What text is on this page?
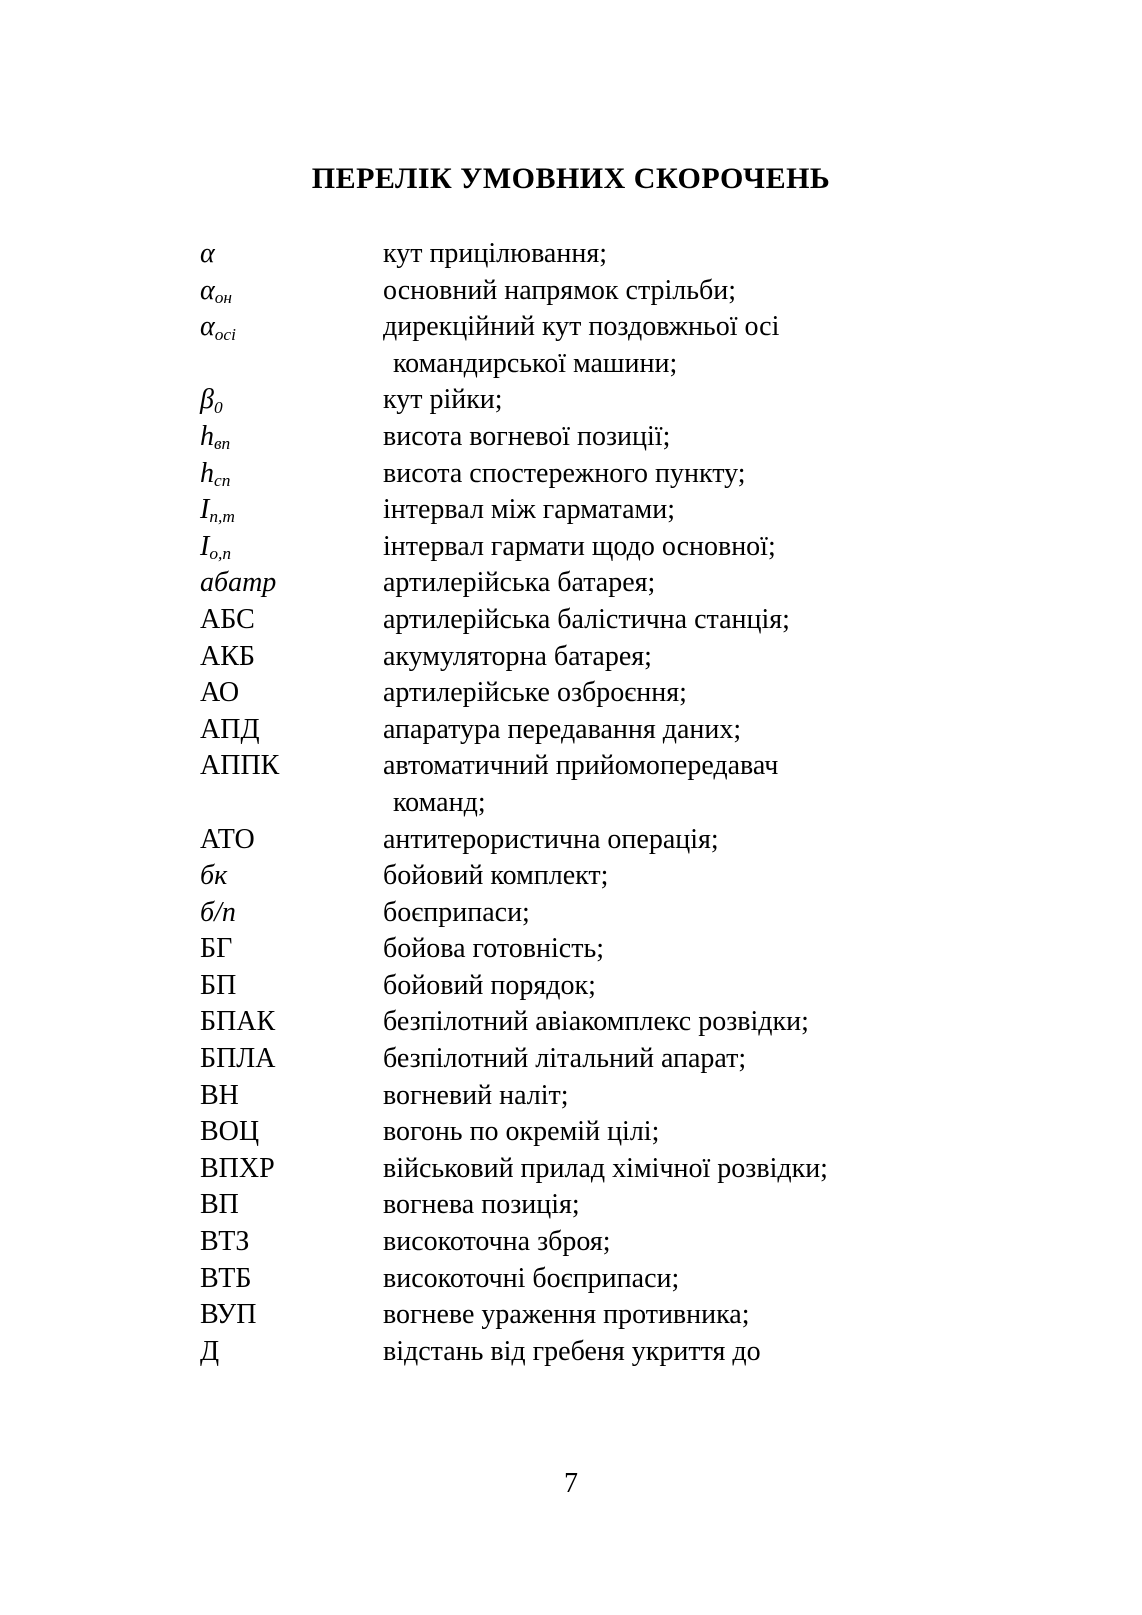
ПЕРЕЛІК УМОВНИХ СКОРОЧЕНЬ
α	кут прицілювання;
$\alpha_{он}$	основний напрямок стрільби;
$\alpha_{осі}$	дирекційний кут поздовжньої осі
командирської машини;
$\beta_0$	кут рійки;
$h_{вп}$	висота вогневої позиції;
$h_{сп}$	висота спостережного пункту;
$I_{n,m}$	інтервал між гарматами;
$I_{o,n}$	інтервал гармати щодо основної;
абатр	артилерійська батарея;
АБС	артилерійська балістична станція;
АКБ	акумуляторна батарея;
АО	артилерійське озброєння;
АПД	апаратура передавання даних;
АППК	автоматичний прийомопередавач
команд;
АТО	антитерористична операція;
бк	бойовий комплект;
б/п	боєприпаси;
БГ	бойова готовність;
БП	бойовий порядок;
БПАК	безпілотний авіакомплекс розвідки;
БПЛА	безпілотний літальний апарат;
ВН	вогневий наліт;
ВОЦ	вогонь по окремій цілі;
ВПХР	військовий прилад хімічної розвідки;
ВП	вогнева позиція;
ВТЗ	високоточна зброя;
ВТБ	високоточні боєприпаси;
ВУП	вогневе ураження противника;
Д	відстань від гребеня укриття до
7
